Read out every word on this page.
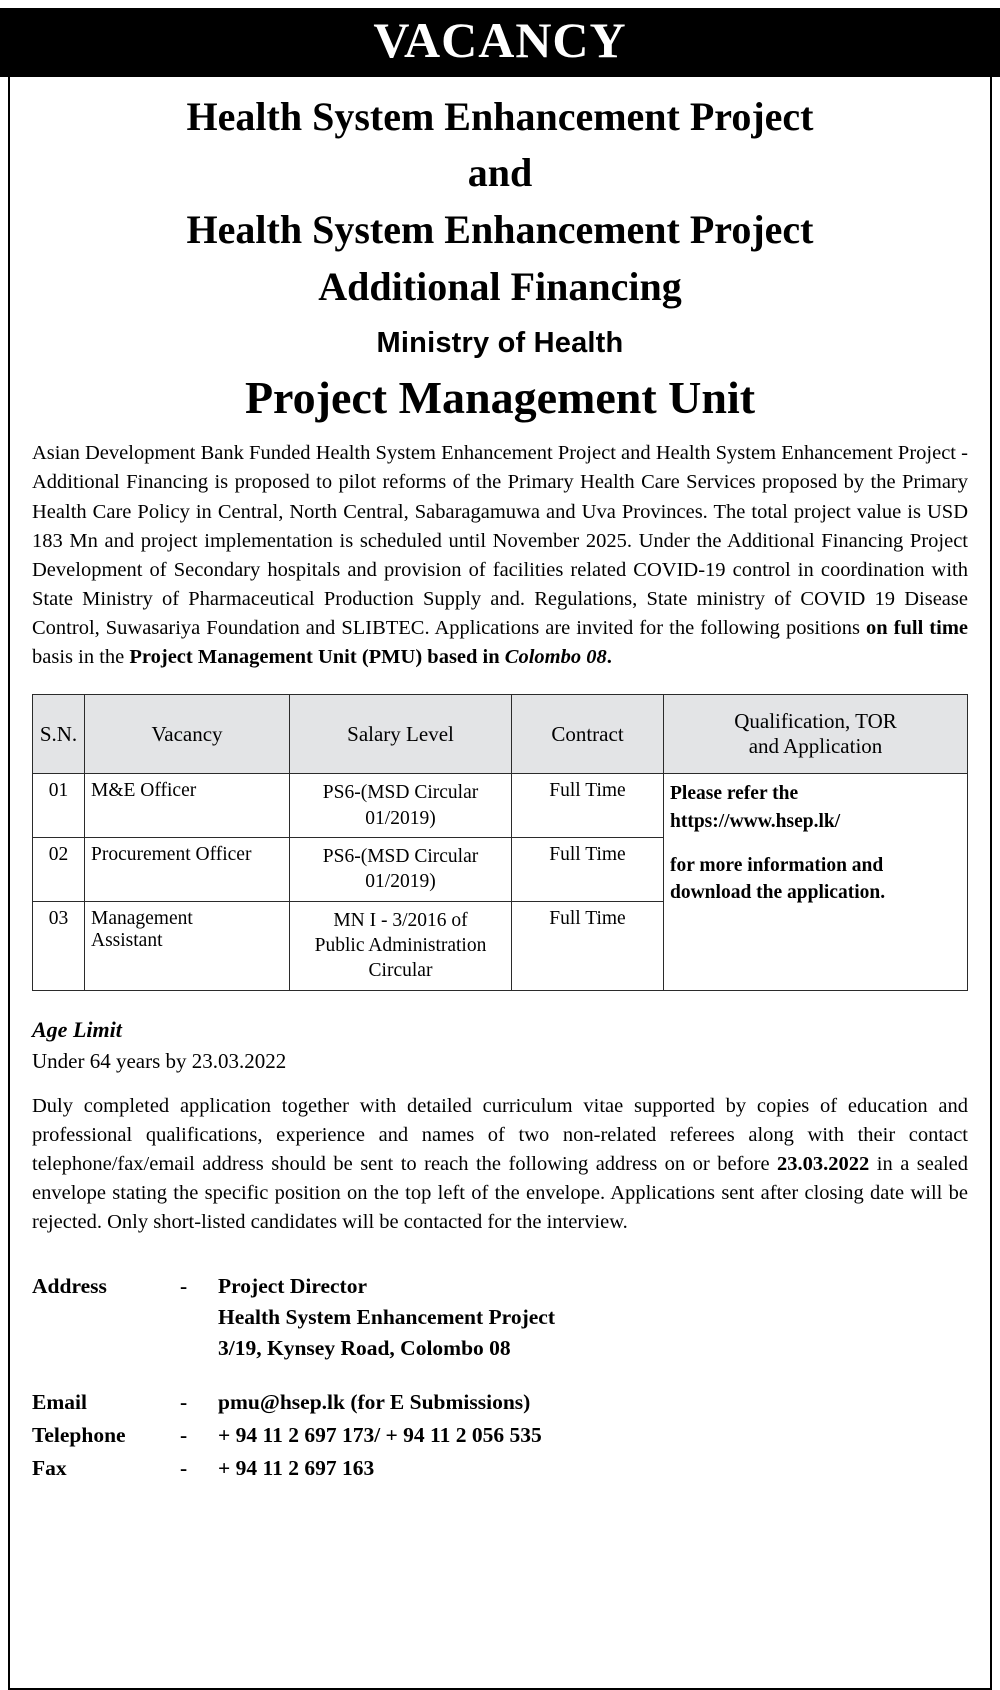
VACANCY
Health System Enhancement Project
and
Health System Enhancement Project
Additional Financing
Ministry of Health
Project Management Unit

Asian Development Bank Funded Health System Enhancement Project and Health System Enhancement Project - Additional Financing is proposed to pilot reforms of the Primary Health Care Services proposed by the Primary Health Care Policy in Central, North Central, Sabaragamuwa and Uva Provinces. The total project value is USD 183 Mn and project implementation is scheduled until November 2025. Under the Additional Financing Project Development of Secondary hospitals and provision of facilities related COVID-19 control in coordination with State Ministry of Pharmaceutical Production Supply and. Regulations, State ministry of COVID 19 Disease Control, Suwasariya Foundation and SLIBTEC. Applications are invited for the following positions on full time basis in the Project Management Unit (PMU) based in Colombo 08.

S.N.	Vacancy	Salary Level	Contract	Qualification, TOR
and Application
01	M&E Officer	PS6-(MSD Circular
01/2019)	Full Time	Please refer the https://www.hsep.lk/
for more information and download the application.
02	Procurement Officer	PS6-(MSD Circular
01/2019)	Full Time	
03	Management
Assistant	MN I - 3/2016 of
Public Administration
Circular	Full Time	
Age Limit
Under 64 years by 23.03.2022

Duly completed application together with detailed curriculum vitae supported by copies of education and professional qualifications, experience and names of two non-related referees along with their contact telephone/fax/email address should be sent to reach the following address on or before 23.03.2022 in a sealed envelope stating the specific position on the top left of the envelope. Applications sent after closing date will be rejected. Only short-listed candidates will be contacted for the interview.

Address	-	Project Director
Health System Enhancement Project
3/19, Kynsey Road, Colombo 08
Email	-	pmu@hsep.lk (for E Submissions)
Telephone	-	+ 94 11 2 697 173/ + 94 11 2 056 535
Fax	-	+ 94 11 2 697 163
